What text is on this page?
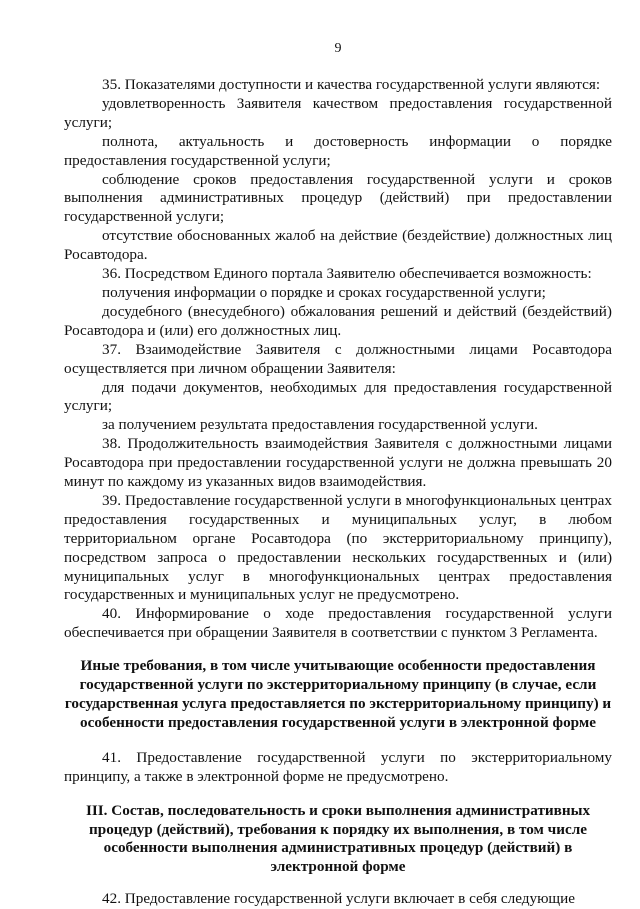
9

35. Показателями доступности и качества государственной услуги являются:

удовлетворенность Заявителя качеством предоставления государственной услуги;

полнота, актуальность и достоверность информации о порядке предоставления государственной услуги;

соблюдение сроков предоставления государственной услуги и сроков выполнения административных процедур (действий) при предоставлении государственной услуги;

отсутствие обоснованных жалоб на действие (бездействие) должностных лиц Росавтодора.

36. Посредством Единого портала Заявителю обеспечивается возможность:

получения информации о порядке и сроках государственной услуги;

досудебного (внесудебного) обжалования решений и действий (бездействий) Росавтодора и (или) его должностных лиц.

37. Взаимодействие Заявителя с должностными лицами Росавтодора осуществляется при личном обращении Заявителя:

для подачи документов, необходимых для предоставления государственной услуги;

за получением результата предоставления государственной услуги.

38. Продолжительность взаимодействия Заявителя с должностными лицами Росавтодора при предоставлении государственной услуги не должна превышать 20 минут по каждому из указанных видов взаимодействия.

39. Предоставление государственной услуги в многофункциональных центрах предоставления государственных и муниципальных услуг, в любом территориальном органе Росавтодора (по экстерриториальному принципу), посредством запроса о предоставлении нескольких государственных и (или) муниципальных услуг в многофункциональных центрах предоставления государственных и муниципальных услуг не предусмотрено.

40. Информирование о ходе предоставления государственной услуги обеспечивается при обращении Заявителя в соответствии с пунктом 3 Регламента.

Иные требования, в том числе учитывающие особенности предоставления государственной услуги по экстерриториальному принципу (в случае, если государственная услуга предоставляется по экстерриториальному принципу) и особенности предоставления государственной услуги в электронной форме

41. Предоставление государственной услуги по экстерриториальному принципу, а также в электронной форме не предусмотрено.

III. Состав, последовательность и сроки выполнения административных процедур (действий), требования к порядку их выполнения, в том числе особенности выполнения административных процедур (действий) в электронной форме

42. Предоставление государственной услуги включает в себя следующие
